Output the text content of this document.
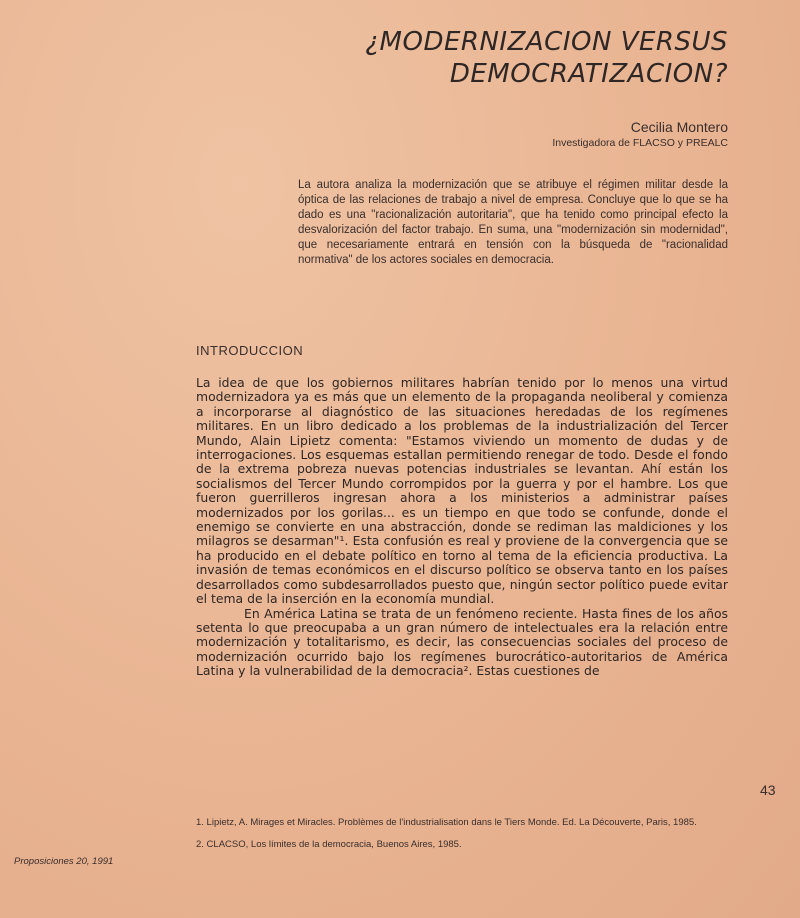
¿MODERNIZACION VERSUS
DEMOCRATIZACION?
Cecilia Montero
Investigadora de FLACSO y PREALC
La autora analiza la modernización que se atribuye el régimen militar desde la óptica de las relaciones de trabajo a nivel de empresa. Concluye que lo que se ha dado es una "racionalización autoritaria", que ha tenido como principal efecto la desvalorización del factor trabajo. En suma, una "modernización sin modernidad", que necesariamente entrará en tensión con la búsqueda de "racionalidad normativa" de los actores sociales en democracia.
INTRODUCCION

La idea de que los gobiernos militares habrían tenido por lo menos una virtud modernizadora ya es más que un elemento de la propaganda neoliberal y comienza a incorporarse al diagnóstico de las situaciones heredadas de los regímenes militares. En un libro dedicado a los problemas de la industrialización del Tercer Mundo, Alain Lipietz comenta: "Estamos viviendo un momento de dudas y de interrogaciones. Los esquemas estallan permitiendo renegar de todo. Desde el fondo de la extrema pobreza nuevas potencias industriales se levantan. Ahí están los socialismos del Tercer Mundo corrompidos por la guerra y por el hambre. Los que fueron guerrilleros ingresan ahora a los ministerios a administrar países modernizados por los gorilas... es un tiempo en que todo se confunde, donde el enemigo se convierte en una abstracción, donde se rediman las maldiciones y los milagros se desarman"¹. Esta confusión es real y proviene de la convergencia que se ha producido en el debate político en torno al tema de la eficiencia productiva. La invasión de temas económicos en el discurso político se observa tanto en los países desarrollados como subdesarrollados puesto que, ningún sector político puede evitar el tema de la inserción en la economía mundial.

En América Latina se trata de un fenómeno reciente. Hasta fines de los años setenta lo que preocupaba a un gran número de intelectuales era la relación entre modernización y totalitarismo, es decir, las consecuencias sociales del proceso de modernización ocurrido bajo los regímenes burocrático-autoritarios de América Latina y la vulnerabilidad de la democracia². Estas cuestiones de

43

1. Lipietz, A. Mirages et Miracles. Problèmes de l'industrialisation dans le Tiers Monde. Ed. La Découverte, Paris, 1985.

2. CLACSO, Los límites de la democracia, Buenos Aires, 1985.

Proposiciones 20, 1991
